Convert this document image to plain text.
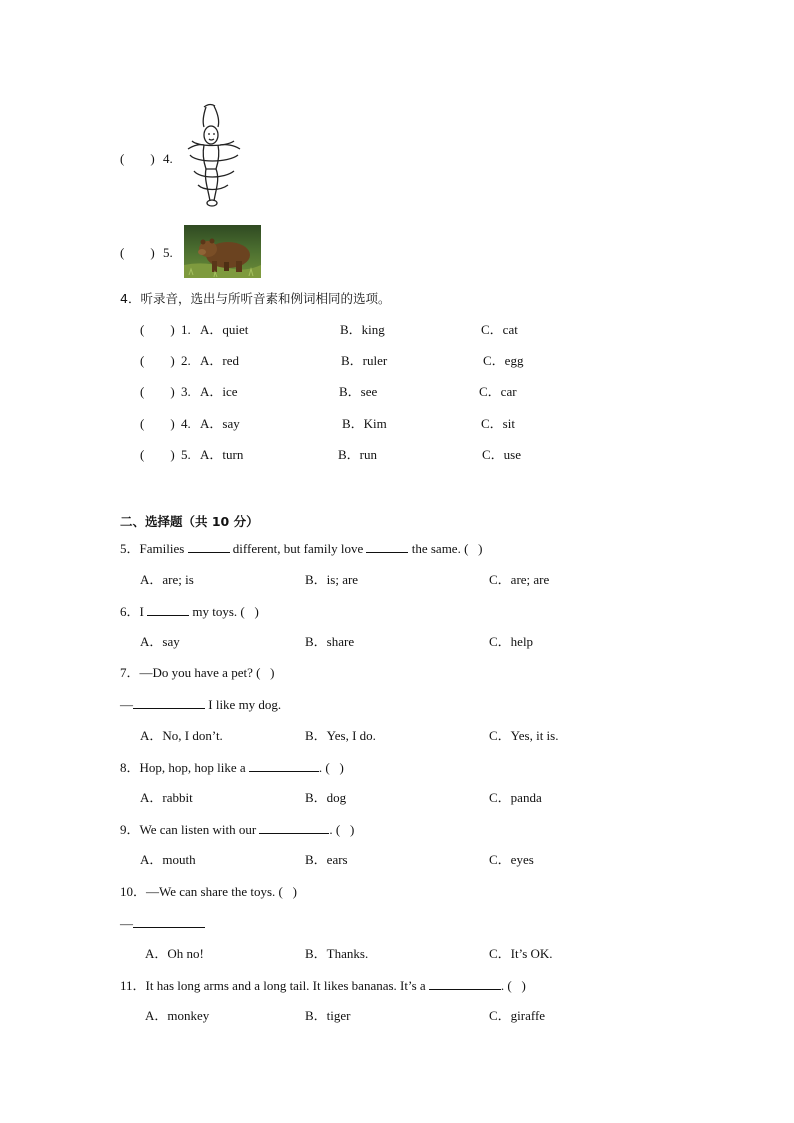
(        ) 4.
(        ) 5.
4．听录音，选出与所听音素和例词相同的选项。
(        ) 1. A．quiet	B．king	C．cat
(        ) 2. A．red	B．ruler	C．egg
(        ) 3. A．ice	B．see	C．car
(        ) 4. A．say	B．Kim	C．sit
(        ) 5. A．turn	B．run	C．use
二、选择题（共 10 分）
5．Families	different, but family love	the same. (   )
A．are; is	B．is; are	C．are; are
6．I	my toys. (   )
A．say	B．share	C．help
7．—Do you have a pet? (   )
—	I like my dog.
A．No, I don’t.	B．Yes, I do.	C．Yes, it is.
8．Hop, hop, hop like a	. (   )
A．rabbit	B．dog	C．panda
9．We can listen with our	. (   )
A．mouth	B．ears	C．eyes
10．—We can share the toys. (   )
—
A．Oh no!	B．Thanks.	C．It’s OK.
11．It has long arms and a long tail. It likes bananas. It’s a	. (   )
A．monkey	B．tiger	C．giraffe
